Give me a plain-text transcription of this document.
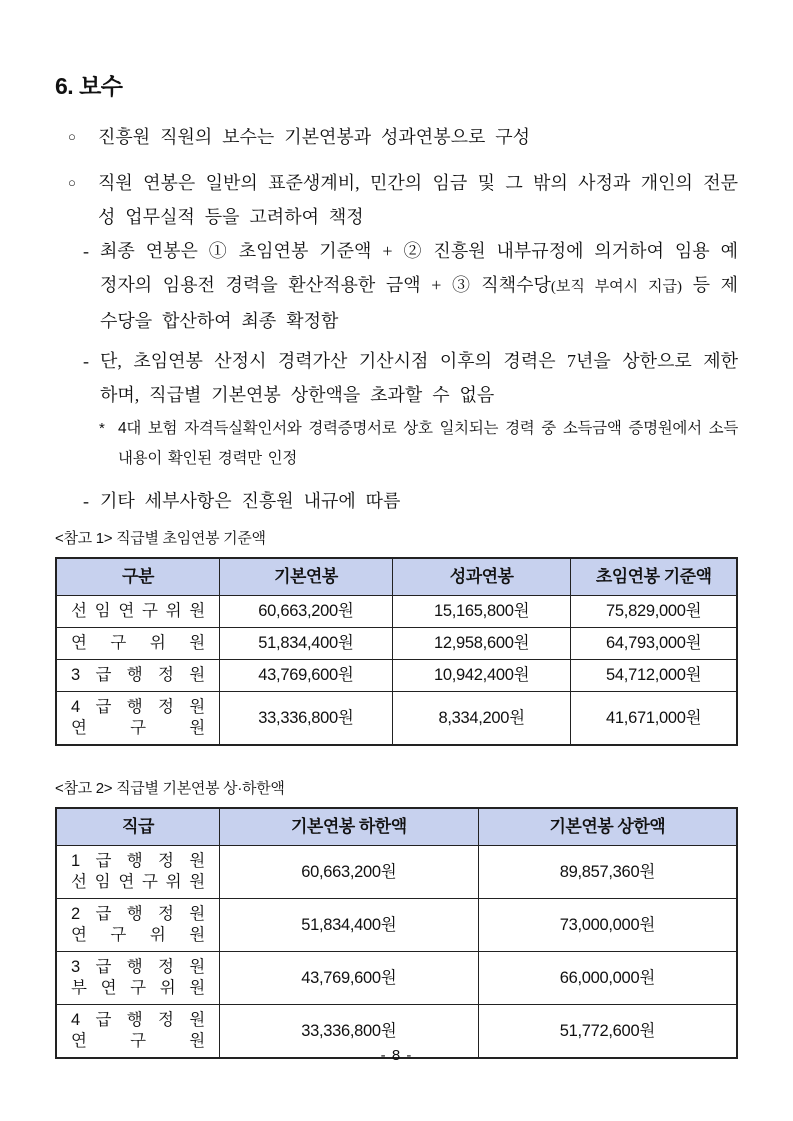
6. 보수
○	진흥원 직원의 보수는 기본연봉과 성과연봉으로 구성
○	직원 연봉은 일반의 표준생계비, 민간의 임금 및 그 밖의 사정과 개인의 전문성 업무실적 등을 고려하여 책정
- 최종 연봉은 ① 초임연봉 기준액 + ② 진흥원 내부규정에 의거하여 임용 예정자의 임용전 경력을 환산적용한 금액 + ③ 직책수당(보직 부여시 지급) 등 제수당을 합산하여 최종 확정함
- 단, 초임연봉 산정시 경력가산 기산시점 이후의 경력은 7년을 상한으로 제한하며, 직급별 기본연봉 상한액을 초과할 수 없음
* 4대 보험 자격득실확인서와 경력증명서로 상호 일치되는 경력 중 소득금액 증명원에서 소득내용이 확인된 경력만 인정
- 기타 세부사항은 진흥원 내규에 따름
<참고 1> 직급별 초임연봉 기준액
구분	기본연봉	성과연봉	초임연봉 기준액

선 임 연 구 위 원	60,663,200원	15,165,800원	75,829,000원

연 구 위 원	51,834,400원	12,958,600원	64,793,000원

3 급 행 정 원	43,769,600원	10,942,400원	54,712,000원

4 급 행 정 원
연 구 원	33,336,800원	8,334,200원	41,671,000원
<참고 2> 직급별 기본연봉 상·하한액
직급	기본연봉 하한액	기본연봉 상한액

1 급 행 정 원
선 임 연 구 위 원	60,663,200원	89,857,360원

2 급 행 정 원
연 구 위 원	51,834,400원	73,000,000원

3 급 행 정 원
부 연 구 위 원	43,769,600원	66,000,000원

4 급 행 정 원
연 구 원	33,336,800원	51,772,600원
- 8 -
